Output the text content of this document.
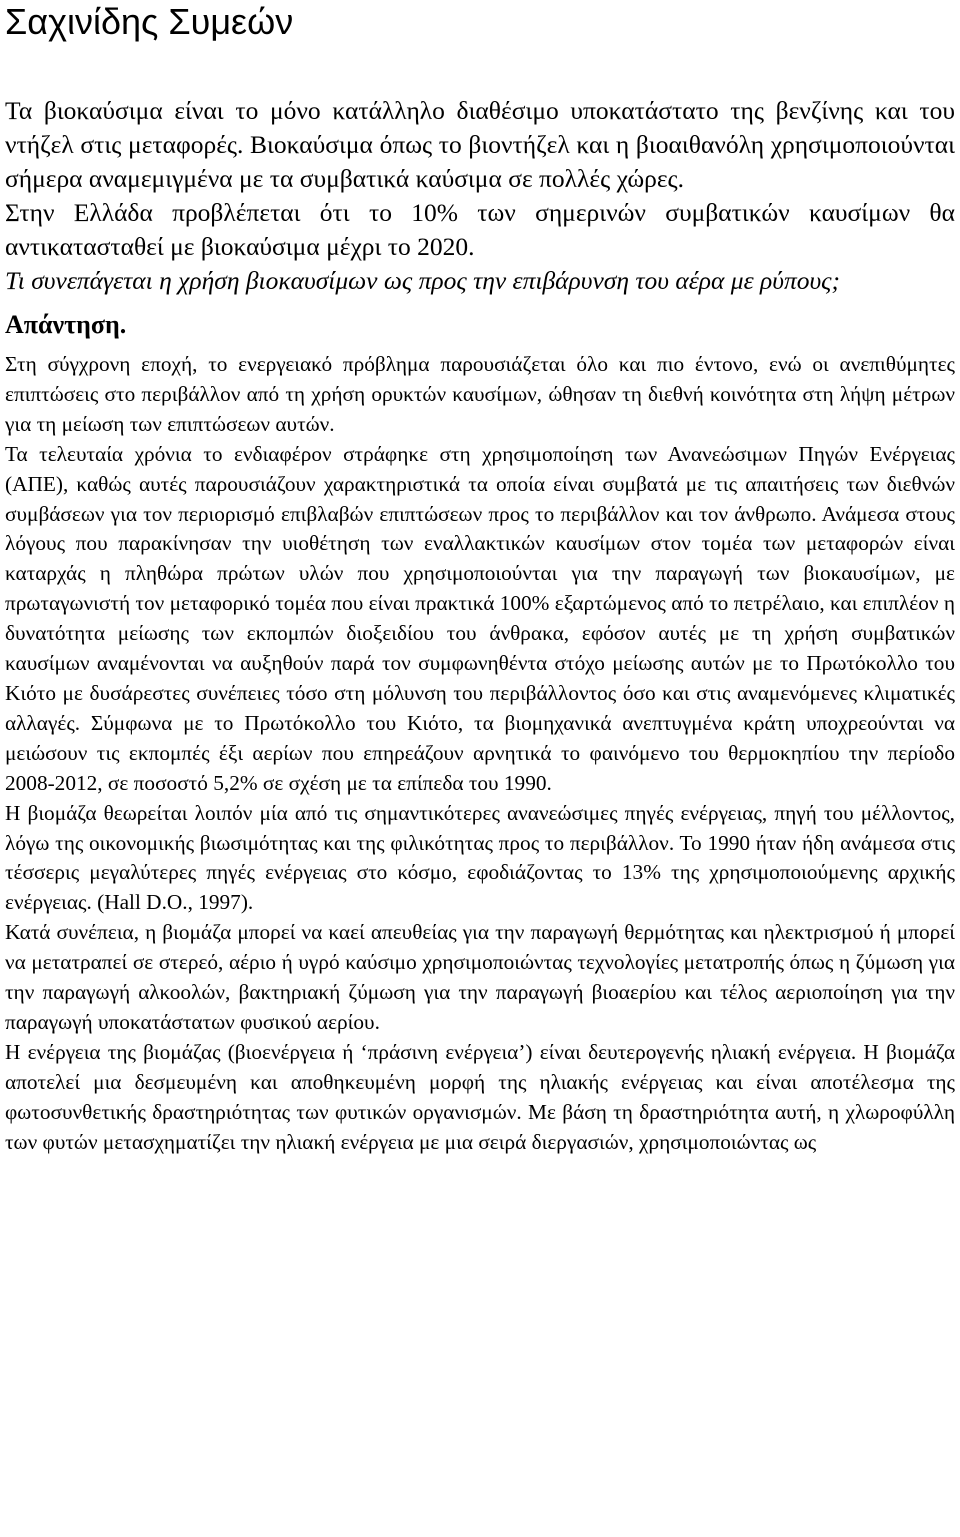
Σαχινίδης Συμεών

Τα βιοκαύσιμα είναι το μόνο κατάλληλο διαθέσιμο υποκατάστατο της βενζίνης και του ντήζελ στις μεταφορές. Βιοκαύσιμα όπως το βιοντήζελ και η βιοαιθανόλη χρησιμοποιούνται σήμερα αναμεμιγμένα με τα συμβατικά καύσιμα σε πολλές χώρες.

Στην Ελλάδα προβλέπεται ότι το 10% των σημερινών συμβατικών καυσίμων θα αντικατασταθεί με βιοκαύσιμα μέχρι το 2020.

Τι συνεπάγεται η χρήση βιοκαυσίμων ως προς την επιβάρυνση του αέρα με ρύπους;

Απάντηση.

Στη σύγχρονη εποχή, το ενεργειακό πρόβλημα παρουσιάζεται όλο και πιο έντονο, ενώ οι ανεπιθύμητες επιπτώσεις στο περιβάλλον από τη χρήση ορυκτών καυσίμων, ώθησαν τη διεθνή κοινότητα στη λήψη μέτρων για τη μείωση των επιπτώσεων αυτών.

Τα τελευταία χρόνια το ενδιαφέρον στράφηκε στη χρησιμοποίηση των Ανανεώσιμων Πηγών Ενέργειας (ΑΠΕ), καθώς αυτές παρουσιάζουν χαρακτηριστικά τα οποία είναι συμβατά με τις απαιτήσεις των διεθνών συμβάσεων για τον περιορισμό επιβλαβών επιπτώσεων προς το περιβάλλον και τον άνθρωπο. Ανάμεσα στους λόγους που παρακίνησαν την υιοθέτηση των εναλλακτικών καυσίμων στον τομέα των μεταφορών είναι καταρχάς η πληθώρα πρώτων υλών που χρησιμοποιούνται για την παραγωγή των βιοκαυσίμων, με πρωταγωνιστή τον μεταφορικό τομέα που είναι πρακτικά 100% εξαρτώμενος από το πετρέλαιο, και επιπλέον η δυνατότητα μείωσης των εκπομπών διοξειδίου του άνθρακα, εφόσον αυτές με τη χρήση συμβατικών καυσίμων αναμένονται να αυξηθούν παρά τον συμφωνηθέντα στόχο μείωσης αυτών με το Πρωτόκολλο του Κιότο με δυσάρεστες συνέπειες τόσο στη μόλυνση του περιβάλλοντος όσο και στις αναμενόμενες κλιματικές αλλαγές. Σύμφωνα με το Πρωτόκολλο του Κιότο, τα βιομηχανικά ανεπτυγμένα κράτη υποχρεούνται να μειώσουν τις εκπομπές έξι αερίων που επηρεάζουν αρνητικά το φαινόμενο του θερμοκηπίου την περίοδο 2008-2012, σε ποσοστό 5,2% σε σχέση με τα επίπεδα του 1990.

Η βιομάζα θεωρείται λοιπόν μία από τις σημαντικότερες ανανεώσιμες πηγές ενέργειας, πηγή του μέλλοντος, λόγω της οικονομικής βιωσιμότητας και της φιλικότητας προς το περιβάλλον. Το 1990 ήταν ήδη ανάμεσα στις τέσσερις μεγαλύτερες πηγές ενέργειας στο κόσμο, εφοδιάζοντας το 13% της χρησιμοποιούμενης αρχικής ενέργειας. (Hall D.O., 1997).

Κατά συνέπεια, η βιομάζα μπορεί να καεί απευθείας για την παραγωγή θερμότητας και ηλεκτρισμού ή μπορεί να μετατραπεί σε στερεό, αέριο ή υγρό καύσιμο χρησιμοποιώντας τεχνολογίες μετατροπής όπως η ζύμωση για την παραγωγή αλκοολών, βακτηριακή ζύμωση για την παραγωγή βιοαερίου και τέλος αεριοποίηση για την παραγωγή υποκατάστατων φυσικού αερίου.

Η ενέργεια της βιομάζας (βιοενέργεια ή ‘πράσινη ενέργεια’) είναι δευτερογενής ηλιακή ενέργεια. Η βιομάζα αποτελεί μια δεσμευμένη και αποθηκευμένη μορφή της ηλιακής ενέργειας και είναι αποτέλεσμα της φωτοσυνθετικής δραστηριότητας των φυτικών οργανισμών. Με βάση τη δραστηριότητα αυτή, η χλωροφύλλη των φυτών μετασχηματίζει την ηλιακή ενέργεια με μια σειρά διεργασιών, χρησιμοποιώντας ως
